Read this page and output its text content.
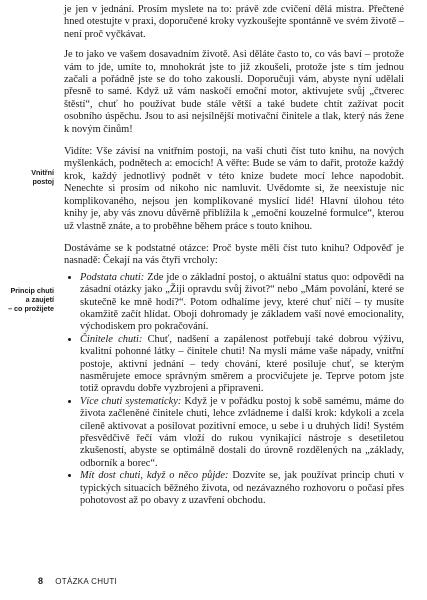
Vnitřní postoj
Princip chuti
a zaujetí
– co prožijete

je jen v jednání. Prosím myslete na to: právě zde cvičení dělá mistra. Přečtené hned otestujte v praxi, doporučené kroky vyzkoušejte spontánně ve svém životě – není proč vyčkávat.

Je to jako ve vašem dosavadním životě. Asi děláte často to, co vás baví – protože vám to jde, umíte to, mnohokrát jste to již zkoušeli, protože jste s tím jednou začali a pořádně jste se do toho zakousli. Doporučuji vám, abyste nyní udělali přesně to samé. Když už vám naskočí emoční motor, aktivujete svůj „čtverec štěstí“, chuť ho používat bude stále větší a také budete chtít zažívat pocit osobního úspěchu. Jsou to asi nejsilnější motivační činitele a tlak, který nás žene k novým činům!

Vidíte: Vše závisí na vnitřním postoji, na vaší chuti číst tuto knihu, na nových myšlenkách, podnětech a: emocích! A věřte: Bude se vám to dařit, protože každý krok, každý jednotlivý podnět v této knize budete mocí lehce napodobit. Nenechte si prosím od nikoho nic namluvit. Uvědomte si, že neexistuje nic komplikovaného, nejsou jen komplikované myslící lidé! Hlavní úlohou této knihy je, aby vás znovu důvěrně přiblížila k „emoční kouzelné formulce“, kterou už vlastně znáte, a to proběhne během práce s touto knihou.

Dostáváme se k podstatné otázce: Proč byste měli číst tuto knihu? Odpověď je nasnadě: Čekají na vás čtyři vrcholy:

• Podstata chuti: Zde jde o základní postoj, o aktuální status quo: odpovědi na zásadní otázky jako „Žiji opravdu svůj život?“ nebo „Mám povolání, které se skutečně ke mně hodí?“. Potom odhalíme jevy, které chuť ničí – ty musíte okamžitě začít hlídat. Oboji dohromady je základem vaší nové emocionality, východiskem pro pokračování.
• Činitele chuti: Chuť, nadšení a zapálenost potřebují také dobrou výživu, kvalitní pohonné látky – činitele chuti! Na mysli máme vaše nápady, vnitřní postoje, aktivní jednání – tedy chování, které posiluje chuť, se kterým nasměrujete emoce správným směrem a procvičujete je. Teprve potom jste totiž opravdu dobře vyzbrojeni a připraveni.
• Více chuti systematicky: Když je v pořádku postoj k sobě samému, máme do života začleněné činitele chuti, lehce zvládneme i další krok: kdykoli a zcela cíleně aktivovat a posilovat pozitivní emoce, u sebe i u druhých lidí! Systém přesvědčivě řečí vám vloží do rukou vynikající nástroje s desetiletou zkušeností, abyste se optimálně dostali do úrovně rozdělených na „základy, odborník a borec“.
• Mít dost chuti, když o něco půjde: Dozvíte se, jak používat princip chuti v typických situacích běžného života, od nezávazného rozhovoru o počasí přes pohotovost až po obavy z uzavření obchodu.
8 OTÁZKA CHUTI
